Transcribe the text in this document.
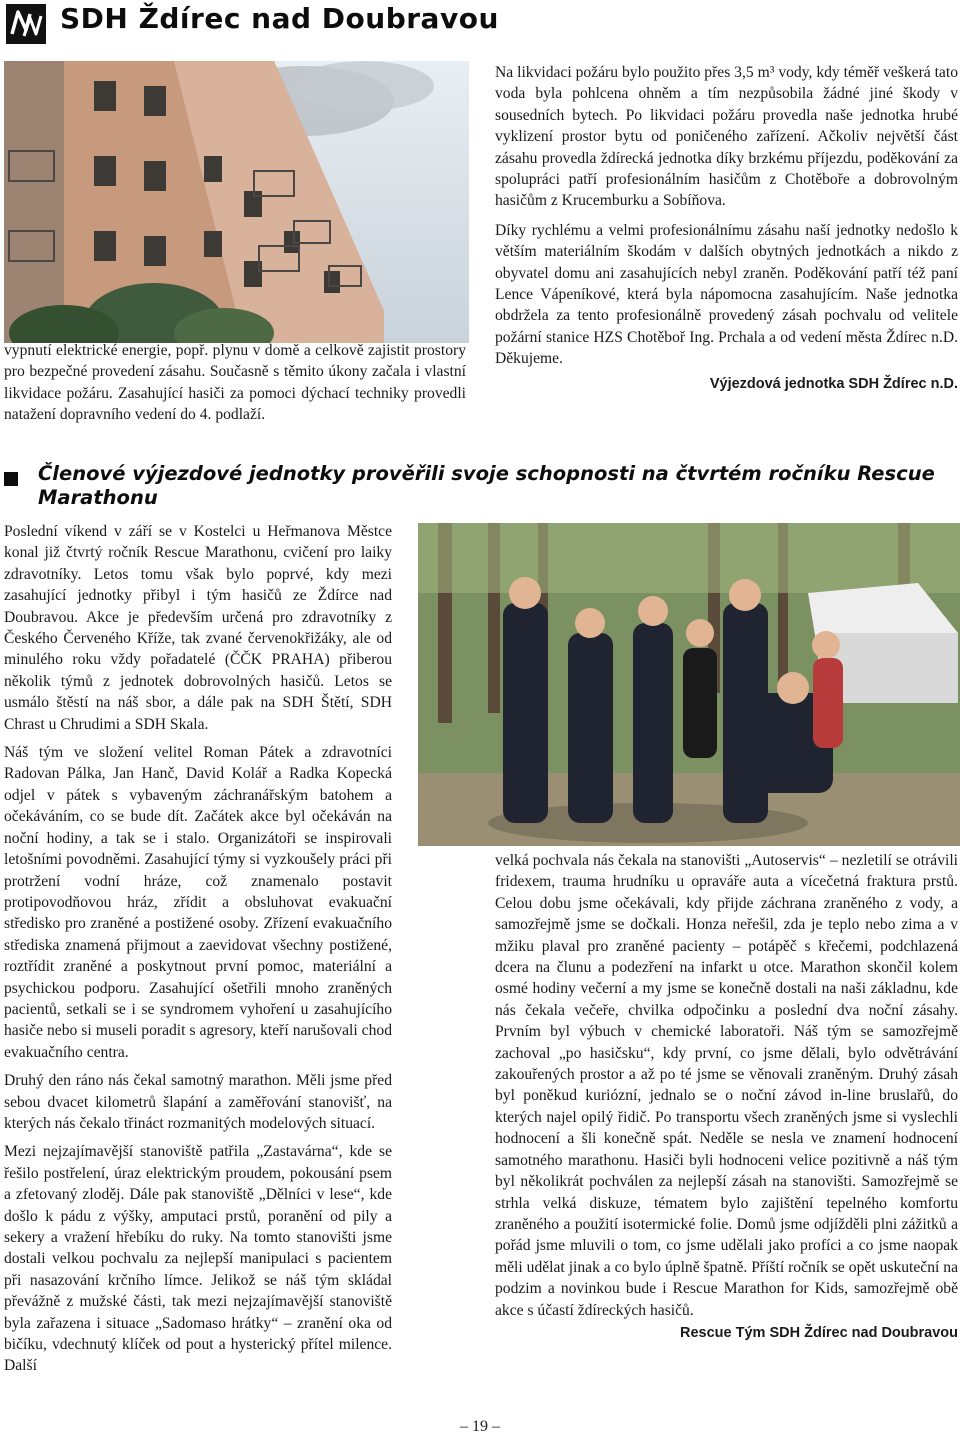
SDH Ždírec nad Doubravou

vypnutí elektrické energie, popř. plynu v domě a celkově zajistit prostory pro bezpečné provedení zásahu. Současně s těmito úkony začala i vlastní likvidace požáru. Zasahující hasiči za pomoci dýchací techniky provedli natažení dopravního vedení do 4. podlaží.

Na likvidaci požáru bylo použito přes 3,5 m³ vody, kdy téměř veškerá tato voda byla pohlcena ohněm a tím nezpůsobila žádné jiné škody v sousedních bytech. Po likvidaci požáru provedla naše jednotka hrubé vyklizení prostor bytu od poničeného zařízení. Ačkoliv největší část zásahu provedla ždírecká jednotka díky brzkému příjezdu, poděkování za spolupráci patří profesionálním hasičům z Chotěboře a dobrovolným hasičům z Krucemburku a Sobíňova.

Díky rychlému a velmi profesionálnímu zásahu naší jednotky nedošlo k větším materiálním škodám v dalších obytných jednotkách a nikdo z obyvatel domu ani zasahujících nebyl zraněn. Poděkování patří též paní Lence Vápeníkové, která byla nápomocna zasahujícím. Naše jednotka obdržela za tento profesionálně provedený zásah pochvalu od velitele požární stanice HZS Chotěboř Ing. Prchala a od vedení města Ždírec n.D. Děkujeme.

Výjezdová jednotka SDH Ždírec n.D.

Členové výjezdové jednotky prověřili svoje schopnosti na čtvrtém ročníku Rescue Marathonu

Poslední víkend v září se v Kostelci u Heřmanova Městce konal již čtvrtý ročník Rescue Marathonu, cvičení pro laiky zdravotníky. Letos tomu však bylo poprvé, kdy mezi zasahující jednotky přibyl i tým hasičů ze Ždírce nad Doubravou. Akce je především určená pro zdravotníky z Českého Červeného Kříže, tak zvané červenokřižáky, ale od minulého roku vždy pořadatelé (ČČK PRAHA) přiberou několik týmů z jednotek dobrovolných hasičů. Letos se usmálo štěstí na náš sbor, a dále pak na SDH Štětí, SDH Chrast u Chrudimi a SDH Skala.

Náš tým ve složení velitel Roman Pátek a zdravotníci Radovan Pálka, Jan Hanč, David Kolář a Radka Kopecká odjel v pátek s vybaveným záchranářským batohem a očekáváním, co se bude dít. Začátek akce byl očekáván na noční hodiny, a tak se i stalo. Organizátoři se inspirovali letošními povodněmi. Zasahující týmy si vyzkoušely práci při protržení vodní hráze, což znamenalo postavit protipovodňovou hráz, zřídit a obsluhovat evakuační středisko pro zraněné a postižené osoby. Zřízení evakuačního střediska znamená přijmout a zaevidovat všechny postižené, roztřídit zraněné a poskytnout první pomoc, materiální a psychickou podporu. Zasahující ošetřili mnoho zraněných pacientů, setkali se i se syndromem vyhoření u zasahujícího hasiče nebo si museli poradit s agresory, kteří narušovali chod evakuačního centra.

Druhý den ráno nás čekal samotný marathon. Měli jsme před sebou dvacet kilometrů šlapání a zaměřování stanovišť, na kterých nás čekalo třináct rozmanitých modelových situací.

Mezi nejzajímavější stanoviště patřila „Zastavárna“, kde se řešilo postřelení, úraz elektrickým proudem, pokousání psem a zfetovaný zloděj. Dále pak stanoviště „Dělníci v lese“, kde došlo k pádu z výšky, amputaci prstů, poranění od pily a sekery a vražení hřebíku do ruky. Na tomto stanovišti jsme dostali velkou pochvalu za nejlepší manipulaci s pacientem při nasazování krčního límce. Jelikož se náš tým skládal převážně z mužské části, tak mezi nejzajímavější stanoviště byla zařazena i situace „Sadomaso hrátky“ – zranění oka od bičíku, vdechnutý klíček od pout a hysterický přítel milence. Další

velká pochvala nás čekala na stanovišti „Autoservis“ – nezletilí se otrávili fridexem, trauma hrudníku u opraváře auta a vícečetná fraktura prstů. Celou dobu jsme očekávali, kdy přijde záchrana zraněného z vody, a samozřejmě jsme se dočkali. Honza neřešil, zda je teplo nebo zima a v mžiku plaval pro zraněné pacienty – potápěč s křečemi, podchlazená dcera na člunu a podezření na infarkt u otce. Marathon skončil kolem osmé hodiny večerní a my jsme se konečně dostali na naši základnu, kde nás čekala večeře, chvilka odpočinku a poslední dva noční zásahy. Prvním byl výbuch v chemické laboratoři. Náš tým se samozřejmě zachoval „po hasičsku“, kdy první, co jsme dělali, bylo odvětrávání zakouřených prostor a až po té jsme se věnovali zraněným. Druhý zásah byl poněkud kuriózní, jednalo se o noční závod in-line bruslařů, do kterých najel opilý řidič. Po transportu všech zraněných jsme si vyslechli hodnocení a šli konečně spát. Neděle se nesla ve znamení hodnocení samotného marathonu. Hasiči byli hodnoceni velice pozitivně a náš tým byl několikrát pochválen za nejlepší zásah na stanovišti. Samozřejmě se strhla velká diskuze, tématem bylo zajištění tepelného komfortu zraněného a použití isotermické folie. Domů jsme odjížděli plni zážitků a pořád jsme mluvili o tom, co jsme udělali jako profíci a co jsme naopak měli udělat jinak a co bylo úplně špatně. Příští ročník se opět uskuteční na podzim a novinkou bude i Rescue Marathon for Kids, samozřejmě obě akce s účastí ždíreckých hasičů.

Rescue Tým SDH Ždírec nad Doubravou

– 19 –
